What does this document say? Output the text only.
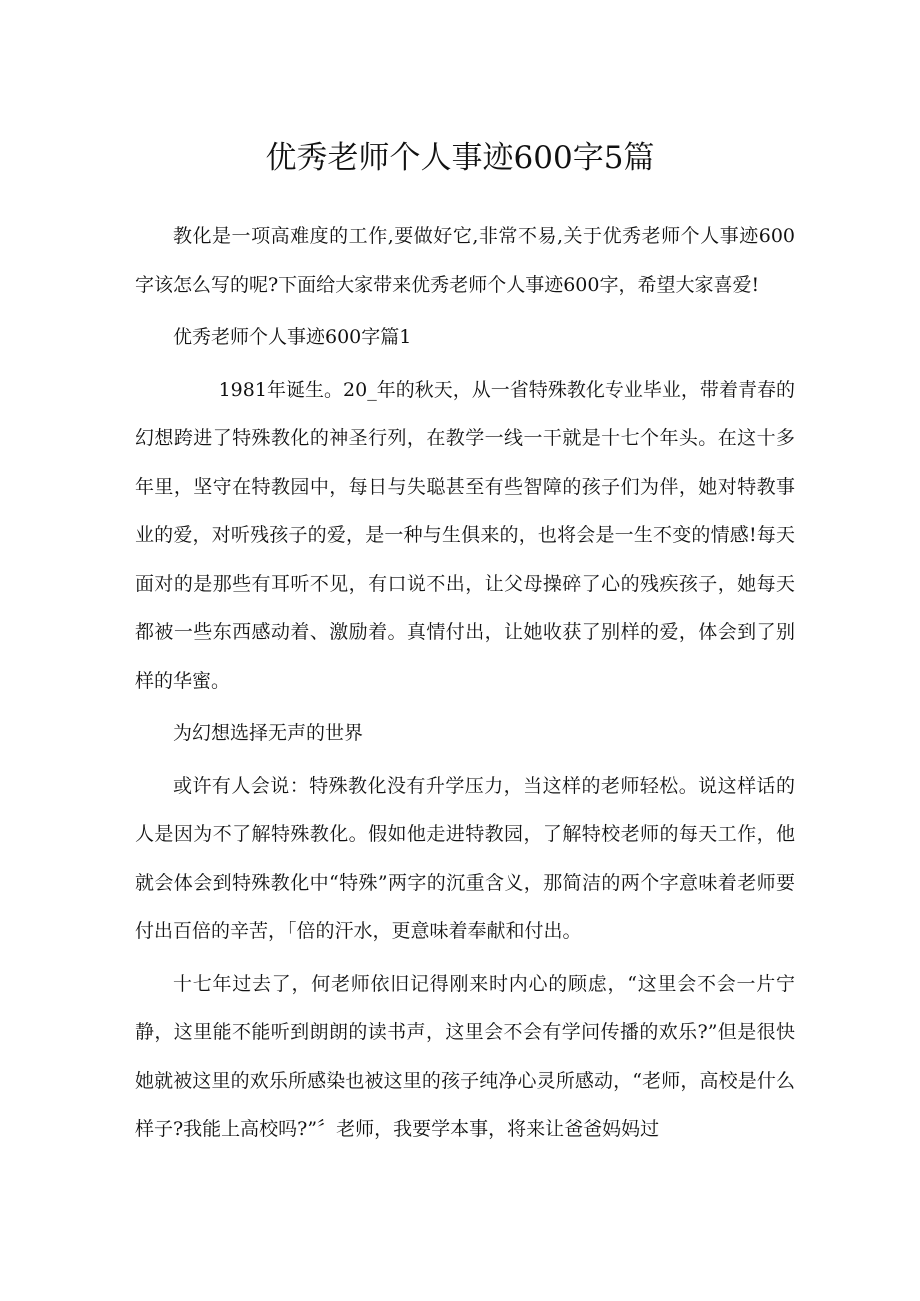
优秀老师个人事迹600字5篇

教化是一项高难度的工作,要做好它,非常不易,关于优秀老师个人事迹600字该怎么写的呢?下面给大家带来优秀老师个人事迹600字，希望大家喜爱!

优秀老师个人事迹600字篇1

1981年诞生。20_年的秋天，从一省特殊教化专业毕业，带着青春的幻想跨进了特殊教化的神圣行列，在教学一线一干就是十七个年头。在这十多年里，坚守在特教园中，每日与失聪甚至有些智障的孩子们为伴，她对特教事业的爱，对听残孩子的爱，是一种与生俱来的，也将会是一生不变的情感!每天面对的是那些有耳听不见，有口说不出，让父母操碎了心的残疾孩子，她每天都被一些东西感动着、激励着。真情付出，让她收获了别样的爱，体会到了别样的华蜜。

为幻想选择无声的世界

或许有人会说：特殊教化没有升学压力，当这样的老师轻松。说这样话的人是因为不了解特殊教化。假如他走进特教园，了解特校老师的每天工作，他就会体会到特殊教化中“特殊”两字的沉重含义，那简洁的两个字意味着老师要付出百倍的辛苦，「倍的汗水，更意味着奉献和付出。

十七年过去了，何老师依旧记得刚来时内心的顾虑，“这里会不会一片宁静，这里能不能听到朗朗的读书声，这里会不会有学问传播的欢乐?”但是很快她就被这里的欢乐所感染也被这里的孩子纯净心灵所感动，“老师，高校是什么样子?我能上高校吗?”〞老师，我要学本事，将来让爸爸妈妈过
